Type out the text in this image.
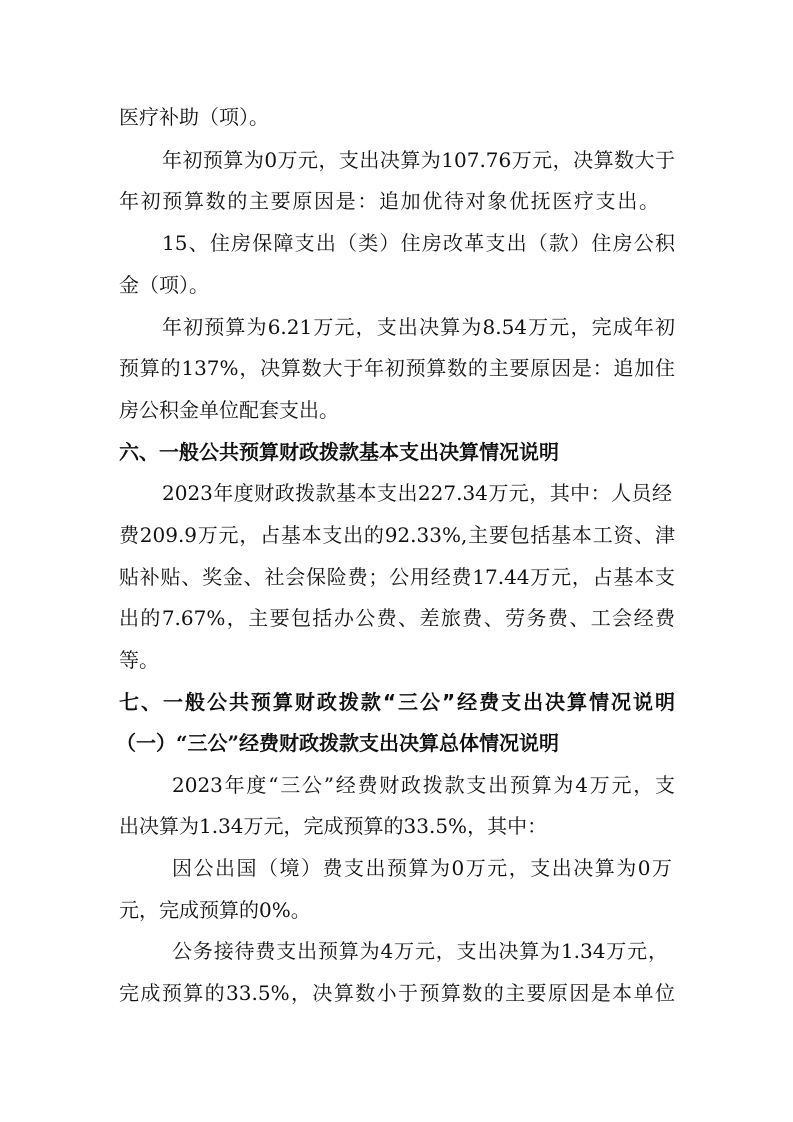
医疗补助（项）。
年初预算为0万元，支出决算为107.76万元，决算数大于
年初预算数的主要原因是：追加优待对象优抚医疗支出。
15、住房保障支出（类）住房改革支出（款）住房公积
金（项）。
年初预算为6.21万元，支出决算为8.54万元，完成年初
预算的137%，决算数大于年初预算数的主要原因是：追加住
房公积金单位配套支出。
六、一般公共预算财政拨款基本支出决算情况说明
2023年度财政拨款基本支出227.34万元，其中：人员经
费209.9万元，占基本支出的92.33%,主要包括基本工资、津
贴补贴、奖金、社会保险费；公用经费17.44万元，占基本支
出的7.67%，主要包括办公费、差旅费、劳务费、工会经费
等。
七、一般公共预算财政拨款“三公”经费支出决算情况说明
（一）“三公”经费财政拨款支出决算总体情况说明
2023年度“三公”经费财政拨款支出预算为4万元，支
出决算为1.34万元，完成预算的33.5%，其中：
因公出国（境）费支出预算为0万元，支出决算为0万
元，完成预算的0%。
公务接待费支出预算为4万元，支出决算为1.34万元，
完成预算的33.5%，决算数小于预算数的主要原因是本单位
